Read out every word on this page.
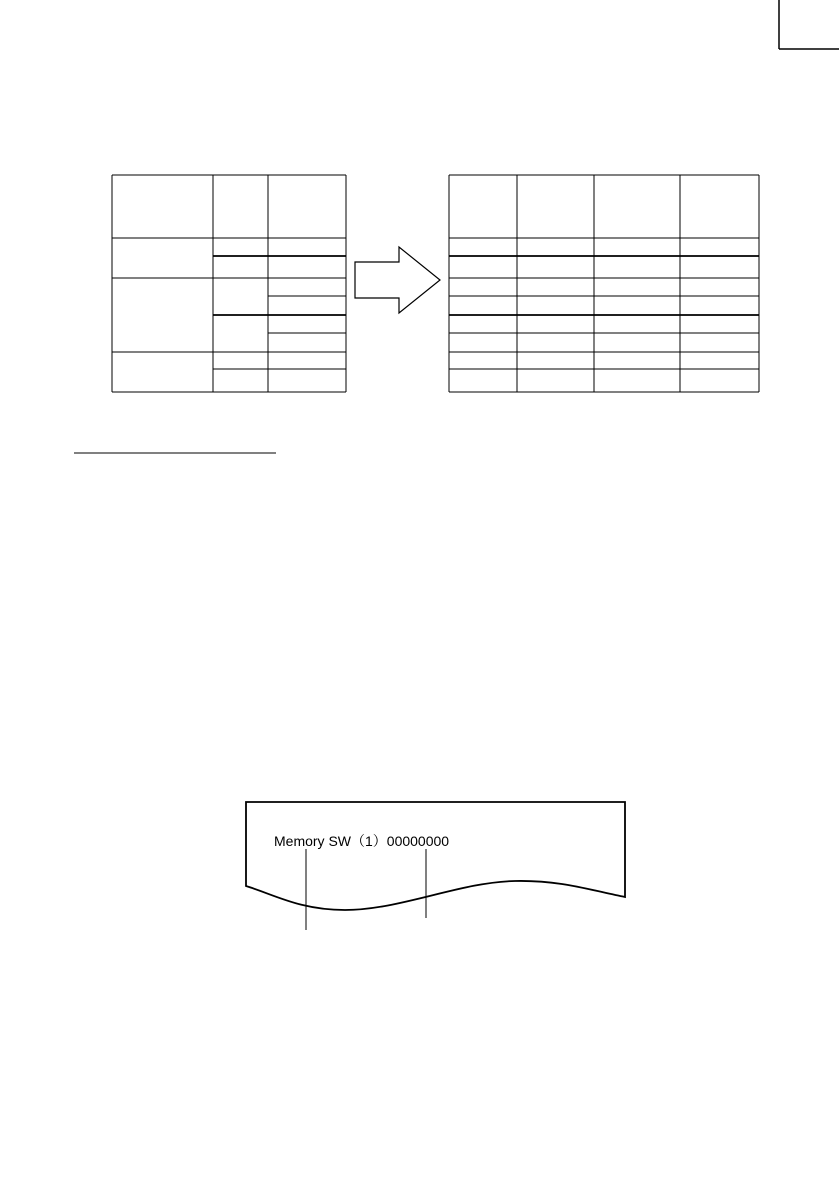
Memory SW（1）00000000
